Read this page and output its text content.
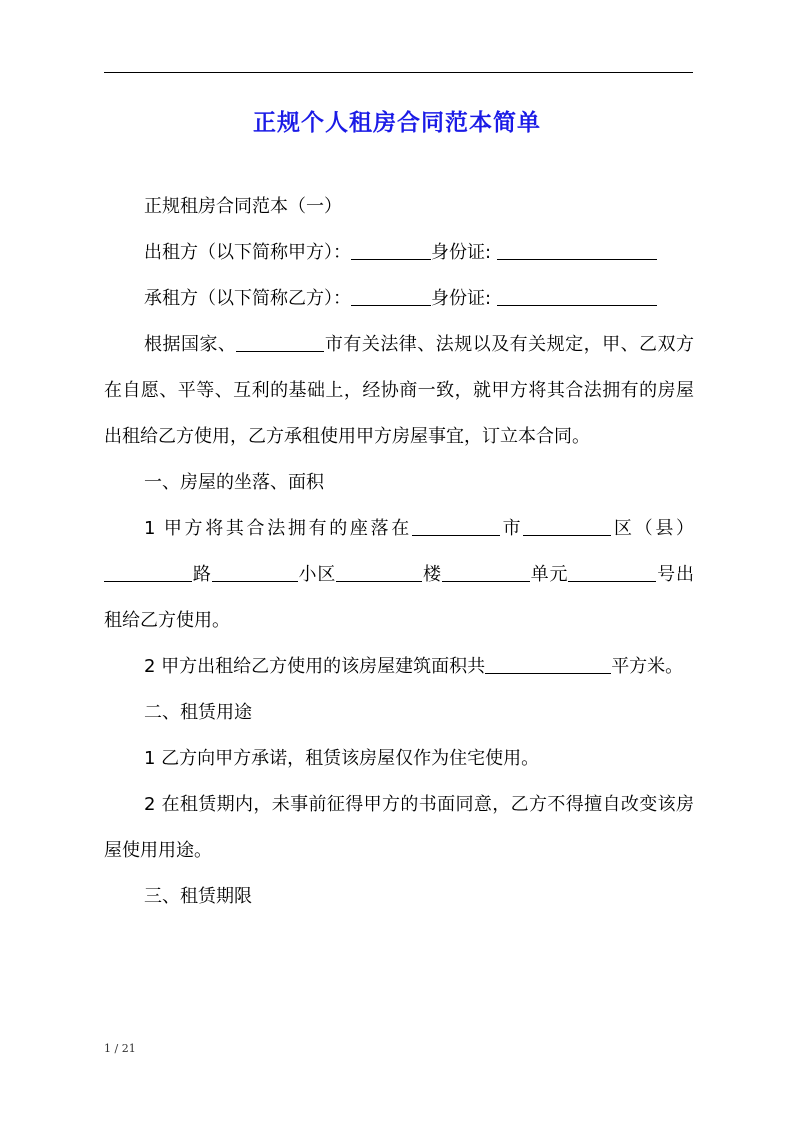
正规个人租房合同范本简单

正规租房合同范本（一）

出租方（以下简称甲方）：	身份证:

承租方（以下简称乙方）：	身份证:

根据国家、	市有关法律、法规以及有关规定，甲、乙双方在自愿、平等、互利的基础上，经协商一致，就甲方将其合法拥有的房屋出租给乙方使用，乙方承租使用甲方房屋事宜，订立本合同。

一、房屋的坐落、面积

1 甲方将其合法拥有的座落在	市	区（县）路	小区	楼	单元	号出租给乙方使用。

2 甲方出租给乙方使用的该房屋建筑面积共	平方米。

二、租赁用途

1 乙方向甲方承诺，租赁该房屋仅作为住宅使用。

2 在租赁期内，未事前征得甲方的书面同意，乙方不得擅自改变该房屋使用用途。

三、租赁期限

1 / 21
